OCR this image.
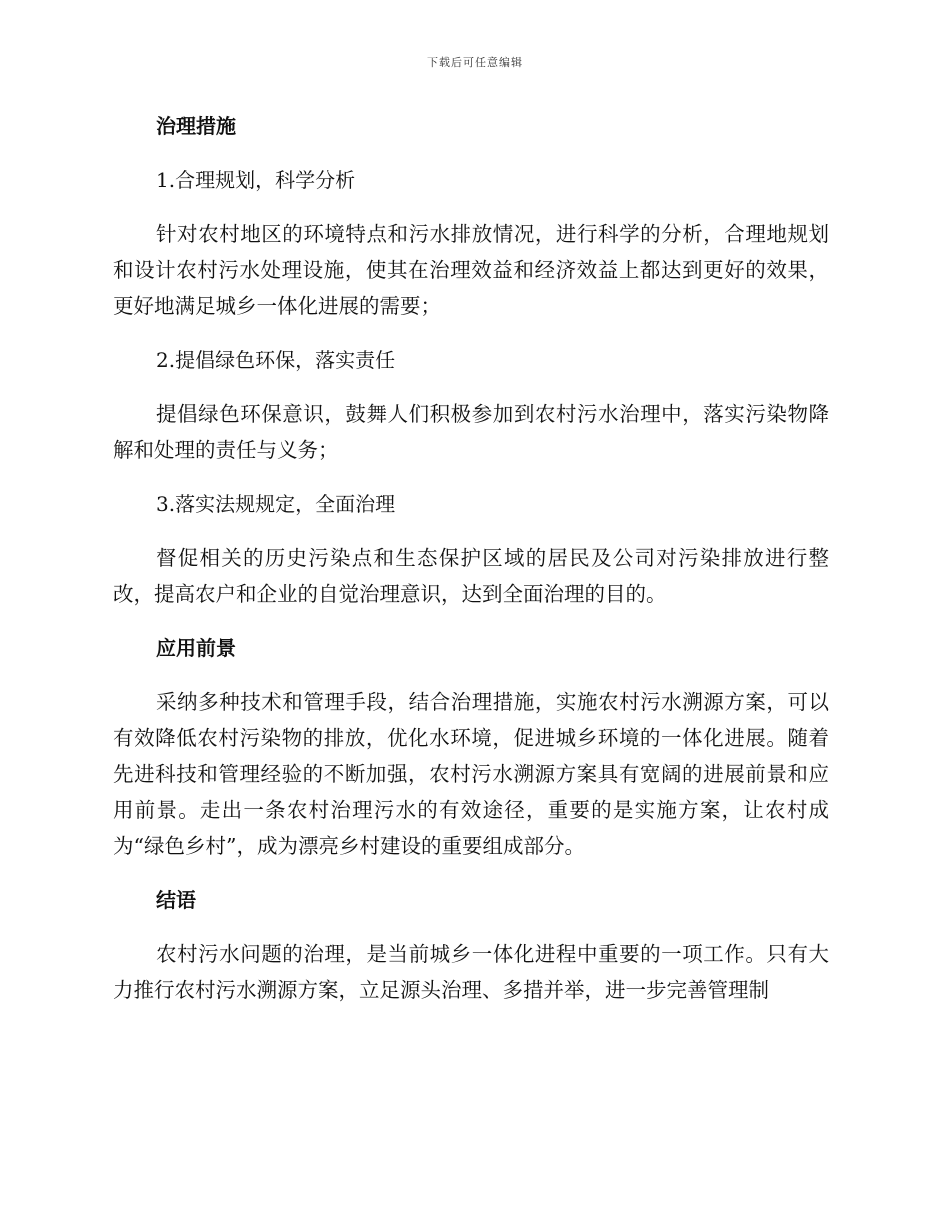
下载后可任意编辑
治理措施
1.合理规划，科学分析
针对农村地区的环境特点和污水排放情况，进行科学的分析，合理地规划和设计农村污水处理设施，使其在治理效益和经济效益上都达到更好的效果，更好地满足城乡一体化进展的需要；
2.提倡绿色环保，落实责任
提倡绿色环保意识，鼓舞人们积极参加到农村污水治理中，落实污染物降解和处理的责任与义务；
3.落实法规规定，全面治理
督促相关的历史污染点和生态保护区域的居民及公司对污染排放进行整改，提高农户和企业的自觉治理意识，达到全面治理的目的。
应用前景
采纳多种技术和管理手段，结合治理措施，实施农村污水溯源方案，可以有效降低农村污染物的排放，优化水环境，促进城乡环境的一体化进展。随着先进科技和管理经验的不断加强，农村污水溯源方案具有宽阔的进展前景和应用前景。走出一条农村治理污水的有效途径，重要的是实施方案，让农村成为“绿色乡村”，成为漂亮乡村建设的重要组成部分。
结语
农村污水问题的治理，是当前城乡一体化进程中重要的一项工作。只有大力推行农村污水溯源方案，立足源头治理、多措并举，进一步完善管理制
